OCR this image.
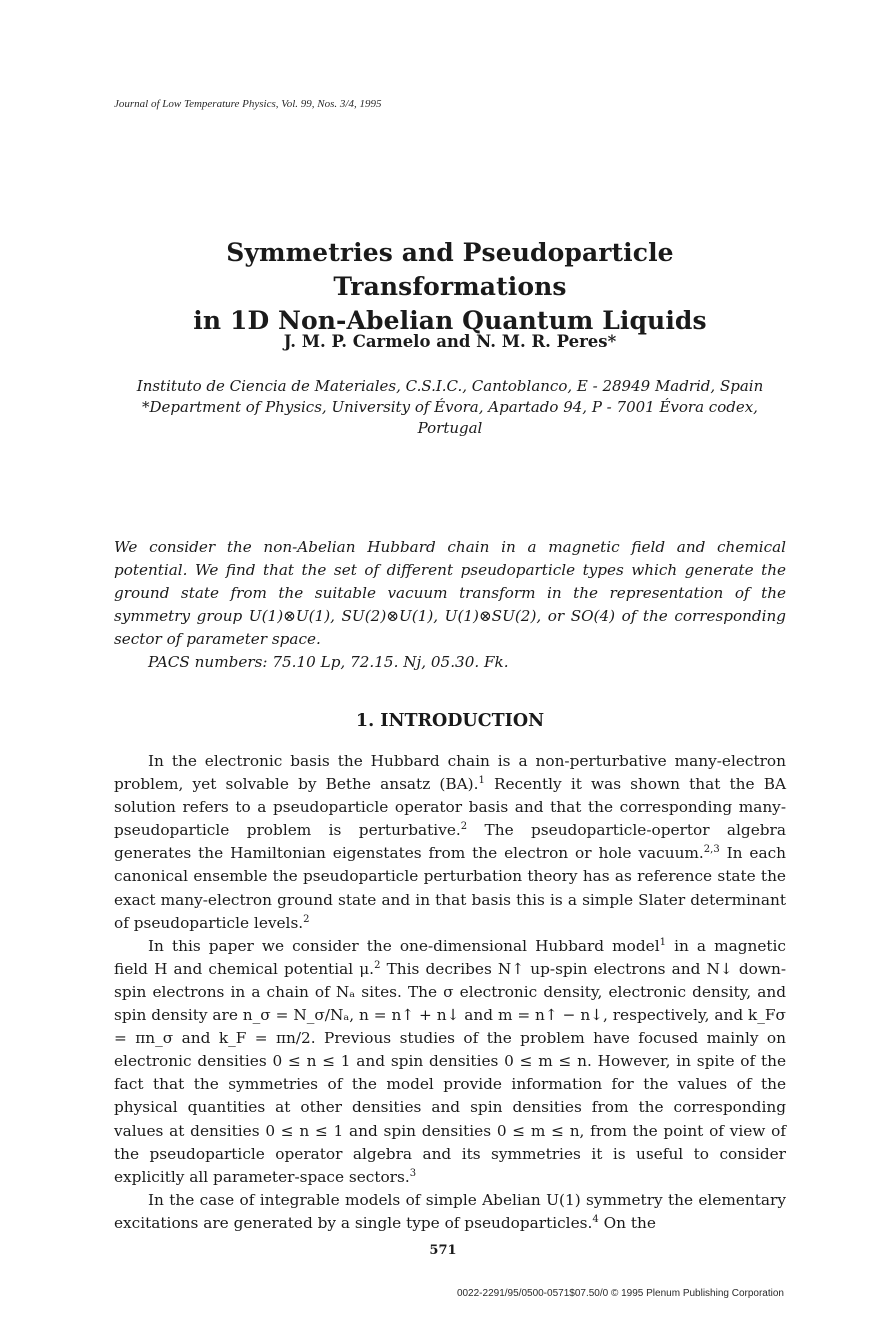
Journal of Low Temperature Physics, Vol. 99, Nos. 3/4, 1995
Symmetries and Pseudoparticle Transformations
in 1D Non-Abelian Quantum Liquids
J. M. P. Carmelo and N. M. R. Peres*
Instituto de Ciencia de Materiales, C.S.I.C., Cantoblanco, E - 28949 Madrid, Spain
*Department of Physics, University of Évora, Apartado 94, P - 7001 Évora codex,
Portugal

We consider the non-Abelian Hubbard chain in a magnetic field and chemical potential. We find that the set of different pseudoparticle types which generate the ground state from the suitable vacuum transform in the representation of the symmetry group U(1)⊗U(1), SU(2)⊗U(1), U(1)⊗SU(2), or SO(4) of the corresponding sector of parameter space.

PACS numbers: 75.10 Lp, 72.15. Nj, 05.30. Fk.

1. INTRODUCTION

In the electronic basis the Hubbard chain is a non-perturbative many-electron problem, yet solvable by Bethe ansatz (BA).$^1$ Recently it was shown that the BA solution refers to a pseudoparticle operator basis and that the corresponding many-pseudoparticle problem is perturbative.$^2$ The pseudoparticle-opertor algebra generates the Hamiltonian eigenstates from the electron or hole vacuum.$^{2,3}$ In each canonical ensemble the pseudoparticle perturbation theory has as reference state the exact many-electron ground state and in that basis this is a simple Slater determinant of pseudoparticle levels.$^2$

In this paper we consider the one-dimensional Hubbard model$^1$ in a magnetic field H and chemical potential μ.$^2$ This decribes N↑ up-spin electrons and N↓ down-spin electrons in a chain of Nₐ sites. The σ electronic density, electronic density, and spin density are n_σ = N_σ/Nₐ, n = n↑ + n↓ and m = n↑ − n↓, respectively, and k_Fσ = πn_σ and k_F = πn/2. Previous studies of the problem have focused mainly on electronic densities 0 ≤ n ≤ 1 and spin densities 0 ≤ m ≤ n. However, in spite of the fact that the symmetries of the model provide information for the values of the physical quantities at other densities and spin densities from the corresponding values at densities 0 ≤ n ≤ 1 and spin densities 0 ≤ m ≤ n, from the point of view of the pseudoparticle operator algebra and its symmetries it is useful to consider explicitly all parameter-space sectors.$^3$

In the case of integrable models of simple Abelian U(1) symmetry the elementary excitations are generated by a single type of pseudoparticles.$^4$ On the

571
0022-2291/95/0500-0571$07.50/0 © 1995 Plenum Publishing Corporation
